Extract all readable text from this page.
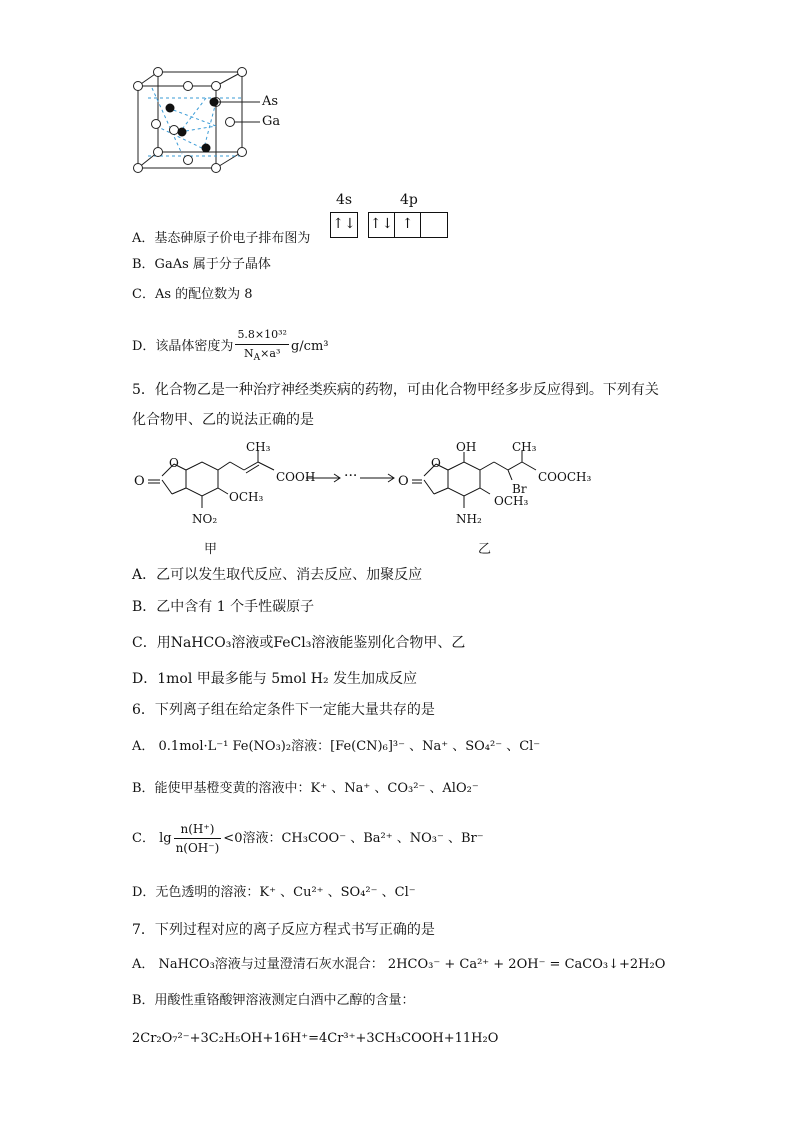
As
Ga
4s	4p
↑↓ ↑↓ ↑
A．基态砷原子价电子排布图为
B．GaAs 属于分子晶体
C．As 的配位数为 8
D．该晶体密度为 $\frac{\text{5.8×10³²}}{N_A\times a^3} g/cm^3$
5．化合物乙是一种治疗神经类疾病的药物，可由化合物甲经多步反应得到。下列有关
化合物甲、乙的说法正确的是
CH₃
O
O	COOH
OCH₃
NO₂
甲
→ ··· →
OH	CH₃
O
O	COOCH₃
Br
OCH₃
NH₂
乙
A．乙可以发生取代反应、消去反应、加聚反应
B．乙中含有 1 个手性碳原子
C．用NaHCO₃溶液或FeCl₃溶液能鉴别化合物甲、乙
D．1mol 甲最多能与 5mol H₂ 发生加成反应
6．下列离子组在给定条件下一定能大量共存的是
A． 0.1mol·L⁻¹ Fe(NO₃)₂溶液：[Fe(CN)₆]³⁻ 、Na⁺ 、SO₄²⁻ 、Cl⁻
B．能使甲基橙变黄的溶液中：K⁺ 、Na⁺ 、CO₃²⁻ 、AlO₂⁻
C． $\lg \frac{n(H^+)}{n(OH^-)} <0$溶液：CH₃COO⁻ 、Ba²⁺ 、NO₃⁻ 、Br⁻
D．无色透明的溶液：K⁺ 、Cu²⁺ 、SO₄²⁻ 、Cl⁻
7．下列过程对应的离子反应方程式书写正确的是
A． NaHCO₃溶液与过量澄清石灰水混合： 2HCO₃⁻ + Ca²⁺ + 2OH⁻ = CaCO₃↓+2H₂O
B．用酸性重铬酸钾溶液测定白酒中乙醇的含量：
2Cr₂O₇²⁻+3C₂H₅OH+16H⁺=4Cr³⁺+3CH₃COOH+11H₂O
